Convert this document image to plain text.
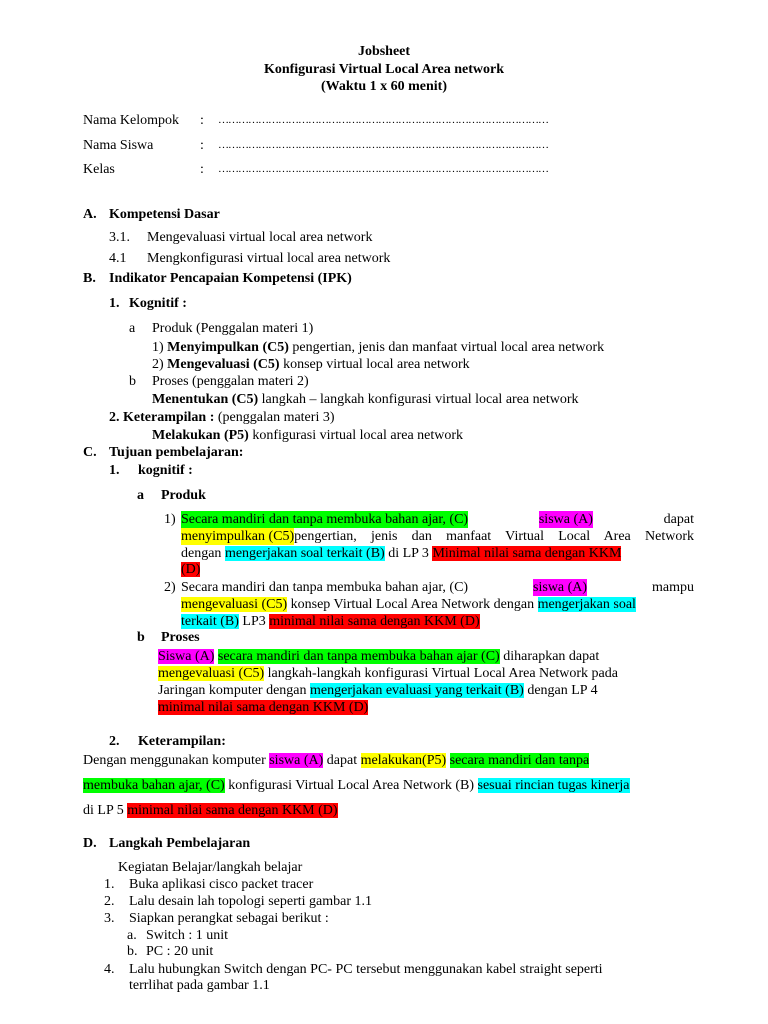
Jobsheet
Konfigurasi Virtual Local Area network
(Waktu 1 x 60 menit)
Nama Kelompok : ………………………………………………………………………………………
Nama Siswa	: ………………………………………………………………………………………
Kelas	: ………………………………………………………………………………………
A. Kompetensi Dasar
3.1. Mengevaluasi virtual local area network
4.1 Mengkonfigurasi virtual local area network
B. Indikator Pencapaian Kompetensi (IPK)
1. Kognitif :
a Produk (Penggalan materi 1)
1) Menyimpulkan (C5) pengertian, jenis dan manfaat virtual local area network
2) Mengevaluasi (C5) konsep virtual local area network
b Proses (penggalan materi 2)
Menentukan (C5) langkah – langkah konfigurasi virtual local area network
2. Keterampilan : (penggalan materi 3)
Melakukan (P5) konfigurasi virtual local area network
C. Tujuan pembelajaran:
1. kognitif :
a Produk
1) Secara mandiri dan tanpa membuka bahan ajar, (C)	siswa (A)	dapat
menyimpulkan (C5) pengertian, jenis dan manfaat Virtual Local Area Network
dengan mengerjakan soal terkait (B) di LP 3 Minimal nilai sama dengan KKM
(D)
2) Secara mandiri dan tanpa membuka bahan ajar, (C)	siswa (A)	mampu
mengevaluasi (C5) konsep Virtual Local Area Network dengan mengerjakan soal
terkait (B) LP3 minimal nilai sama dengan KKM (D)
b Proses
Siswa (A) secara mandiri dan tanpa membuka bahan ajar (C) diharapkan dapat
mengevaluasi (C5) langkah-langkah konfigurasi Virtual Local Area Network pada
Jaringan komputer dengan mengerjakan evaluasi yang terkait (B) dengan LP 4
minimal nilai sama dengan KKM (D)
2. Keterampilan:
Dengan menggunakan komputer siswa (A) dapat melakukan(P5) secara mandiri dan tanpa
membuka bahan ajar, (C) konfigurasi Virtual Local Area Network (B) sesuai rincian tugas kinerja
di LP 5 minimal nilai sama dengan KKM (D)
D. Langkah Pembelajaran
Kegiatan Belajar/langkah belajar
1. Buka aplikasi cisco packet tracer
2. Lalu desain lah topologi seperti gambar 1.1
3. Siapkan perangkat sebagai berikut :
a. Switch : 1 unit
b. PC : 20 unit
4. Lalu hubungkan Switch dengan PC- PC tersebut menggunakan kabel straight seperti
terrlihat pada gambar 1.1
